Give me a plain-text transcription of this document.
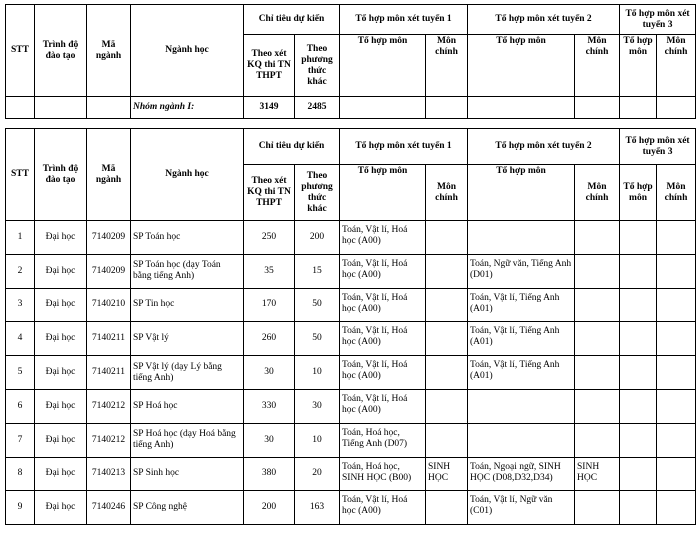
STT	Trình độ đào tạo	Mã ngành	Ngành học	Chỉ tiêu dự kiến		Tổ hợp môn xét tuyển 1		Tổ hợp môn xét tuyển 2		Tổ hợp môn xét tuyển 3	
				Theo xét KQ thi TN THPT	Theo phương thức khác	Tổ hợp môn	Môn chính	Tổ hợp môn	Môn chính	Tổ hợp môn	Môn chính
			Nhóm ngành I:	3149	2485						
STT	Trình độ đào tạo	Mã ngành	Ngành học	Chỉ tiêu dự kiến		Tổ hợp môn xét tuyển 1		Tổ hợp môn xét tuyển 2		Tổ hợp môn xét tuyển 3	
				Theo xét KQ thi TN THPT	Theo phương thức khác	Tổ hợp môn	Môn chính	Tổ hợp môn	Môn chính	Tổ hợp môn	Môn chính
1	Đại học	7140209	SP Toán học	250	200	Toán, Vật lí, Hoá học (A00)					
2	Đại học	7140209	SP Toán học (dạy Toán bằng tiếng Anh)	35	15	Toán, Vật lí, Hoá học (A00)		Toán, Ngữ văn, Tiếng Anh (D01)			
3	Đại học	7140210	SP Tin học	170	50	Toán, Vật lí, Hoá học (A00)		Toán, Vật lí, Tiếng Anh (A01)			
4	Đại học	7140211	SP Vật lý	260	50	Toán, Vật lí, Hoá học (A00)		Toán, Vật lí, Tiếng Anh (A01)			
5	Đại học	7140211	SP Vật lý (dạy Lý bằng tiếng Anh)	30	10	Toán, Vật lí, Hoá học (A00)		Toán, Vật lí, Tiếng Anh (A01)			
6	Đại học	7140212	SP Hoá học	330	30	Toán, Vật lí, Hoá học (A00)					
7	Đại học	7140212	SP Hoá học (dạy Hoá bằng tiếng Anh)	30	10	Toán, Hoá học, Tiếng Anh (D07)					
8	Đại học	7140213	SP Sinh học	380	20	Toán, Hoá học, SINH HỌC (B00)	SINH HỌC	Toán, Ngoại ngữ, SINH HỌC (D08,D32,D34)	SINH HỌC		
9	Đại học	7140246	SP Công nghệ	200	163	Toán, Vật lí, Hoá học (A00)		Toán, Vật lí, Ngữ văn (C01)			
